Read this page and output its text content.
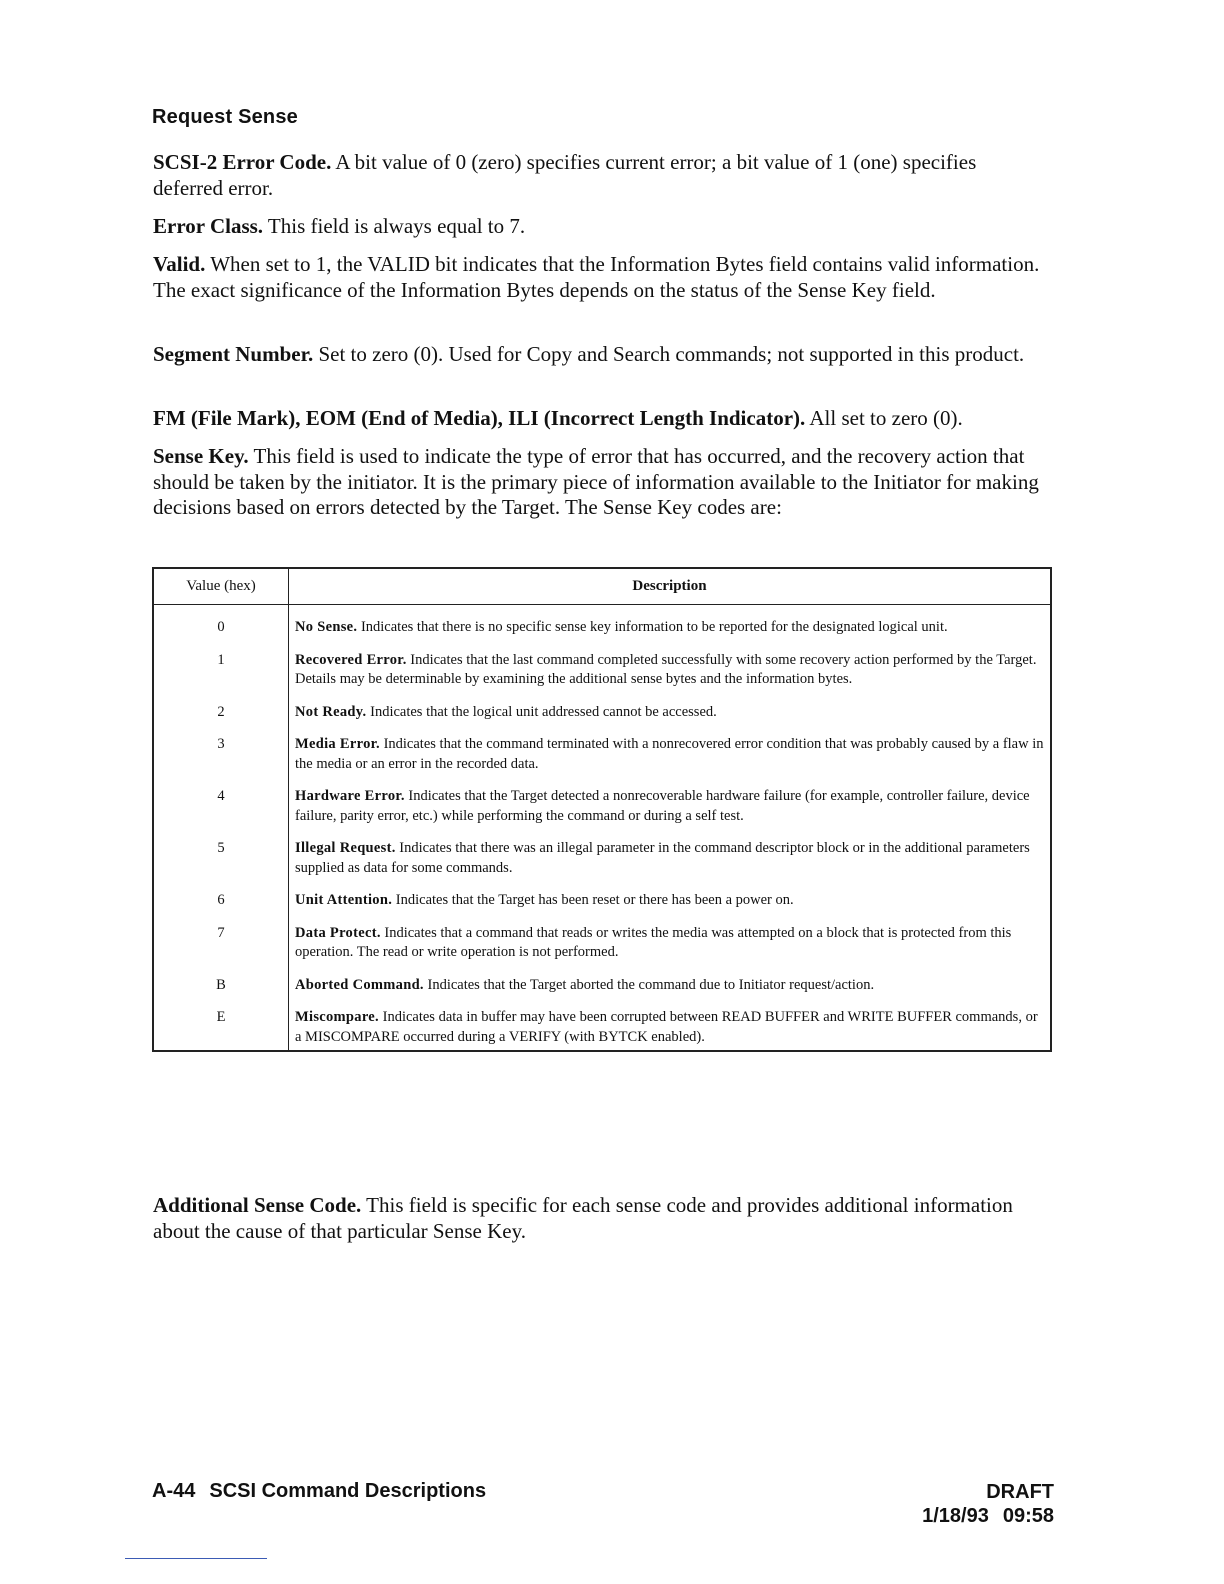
Request Sense

SCSI-2 Error Code. A bit value of 0 (zero) specifies current error; a bit value of 1 (one) specifies deferred error.

Error Class. This field is always equal to 7.

Valid. When set to 1, the VALID bit indicates that the Information Bytes field contains valid information. The exact significance of the Information Bytes depends on the status of the Sense Key field.

Segment Number. Set to zero (0). Used for Copy and Search commands; not supported in this product.

FM (File Mark), EOM (End of Media), ILI (Incorrect Length Indicator). All set to zero (0).

Sense Key. This field is used to indicate the type of error that has occurred, and the recovery action that should be taken by the initiator. It is the primary piece of information available to the Initiator for making decisions based on errors detected by the Target. The Sense Key codes are:

Value (hex)	Description
0	No Sense. Indicates that there is no specific sense key information to be reported for the designated logical unit.
1	Recovered Error. Indicates that the last command completed successfully with some recovery action performed by the Target. Details may be determinable by examining the additional sense bytes and the information bytes.
2	Not Ready. Indicates that the logical unit addressed cannot be accessed.
3	Media Error. Indicates that the command terminated with a nonrecovered error condition that was probably caused by a flaw in the media or an error in the recorded data.
4	Hardware Error. Indicates that the Target detected a nonrecoverable hardware failure (for example, controller failure, device failure, parity error, etc.) while performing the command or during a self test.
5	Illegal Request. Indicates that there was an illegal parameter in the command descriptor block or in the additional parameters supplied as data for some commands.
6	Unit Attention. Indicates that the Target has been reset or there has been a power on.
7	Data Protect. Indicates that a command that reads or writes the media was attempted on a block that is protected from this operation. The read or write operation is not performed.
B	Aborted Command. Indicates that the Target aborted the command due to Initiator request/action.
E	Miscompare. Indicates data in buffer may have been corrupted between READ BUFFER and WRITE BUFFER commands, or a MISCOMPARE occurred during a VERIFY (with BYTCK enabled).

Additional Sense Code. This field is specific for each sense code and provides additional information about the cause of that particular Sense Key.

A-44 SCSI Command Descriptions	DRAFT
1/18/93 09:58
